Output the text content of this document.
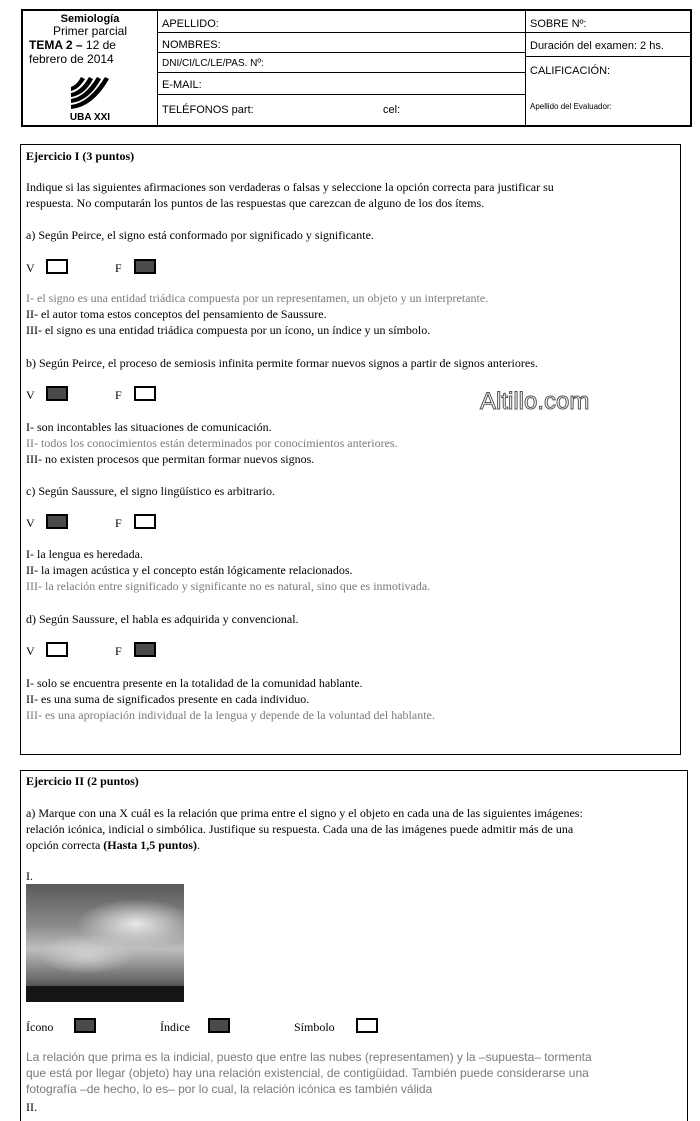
Semiología
Primer parcial
TEMA 2 – 12 de
febrero de 2014
UBA XXI
APELLIDO:
NOMBRES:
DNI/CI/LC/LE/PAS. Nº:
E-MAIL:
TELÉFONOS part:	cel:
SOBRE Nº:
Duración del examen: 2 hs.
CALIFICACIÓN:
Apellido del Evaluador:
Ejercicio I (3 puntos)
Indique si las siguientes afirmaciones son verdaderas o falsas y seleccione la opción correcta para justificar su
respuesta. No computarán los puntos de las respuestas que carezcan de alguno de los dos ítems.
a) Según Peirce, el signo está conformado por significado y significante.
V	F
I- el signo es una entidad triádica compuesta por un representamen, un objeto y un interpretante.
II- el autor toma estos conceptos del pensamiento de Saussure.
III- el signo es una entidad triádica compuesta por un ícono, un índice y un símbolo.
b) Según Peirce, el proceso de semiosis infinita permite formar nuevos signos a partir de signos anteriores.
V	F
I- son incontables las situaciones de comunicación.
II- todos los conocimientos están determinados por conocimientos anteriores.
III- no existen procesos que permitan formar nuevos signos.
c) Según Saussure, el signo lingüístico es arbitrario.
V	F
I- la lengua es heredada.
II- la imagen acústica y el concepto están lógicamente relacionados.
III- la relación entre significado y significante no es natural, sino que es inmotivada.
d) Según Saussure, el habla es adquirida y convencional.
V	F
I- solo se encuentra presente en la totalidad de la comunidad hablante.
II- es una suma de significados presente en cada individuo.
III- es una apropiación individual de la lengua y depende de la voluntad del hablante.
Altillo.com
Ejercicio II (2 puntos)
a) Marque con una X cuál es la relación que prima entre el signo y el objeto en cada una de las siguientes imágenes:
relación icónica, indicial o simbólica. Justifique su respuesta. Cada una de las imágenes puede admitir más de una
opción correcta (Hasta 1,5 puntos).
I.
Ícono	Índice	Símbolo
La relación que prima es la indicial, puesto que entre las nubes (representamen) y la –supuesta– tormenta
que está por llegar (objeto) hay una relación existencial, de contigüidad. También puede considerarse una
fotografía –de hecho, lo es– por lo cual, la relación icónica es también válida
II.
